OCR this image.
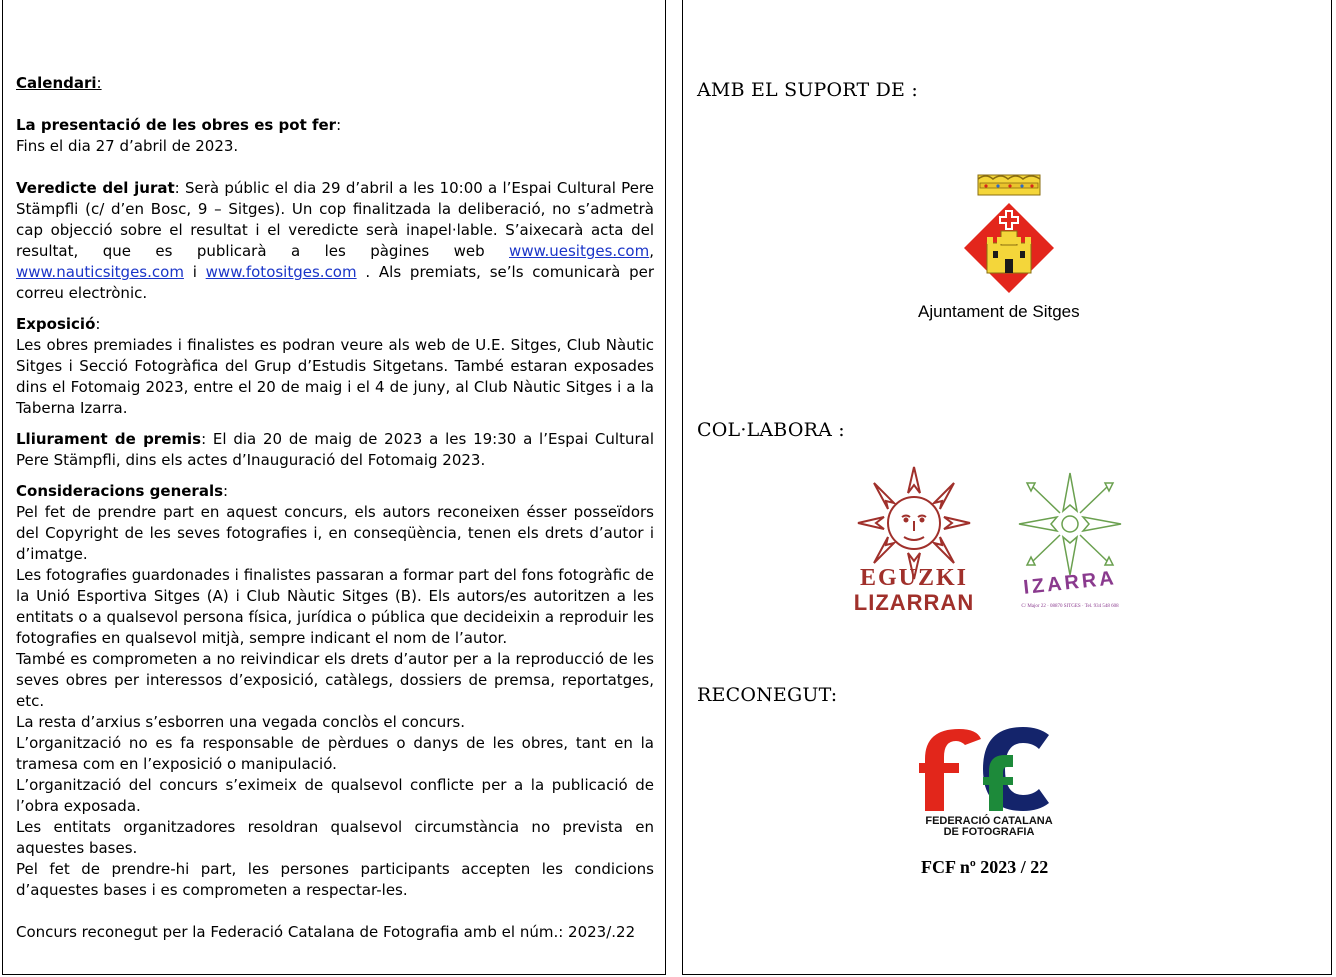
Calendari:

La presentació de les obres es pot fer:

Fins el dia 27 d’abril de 2023.

Veredicte del jurat: Serà públic el dia 29 d’abril a les 10:00 a l’Espai Cultural Pere Stämpfli (c/ d’en Bosc, 9 – Sitges). Un cop finalitzada la deliberació, no s’admetrà cap objecció sobre el resultat i el veredicte serà inapel·lable. S’aixecarà acta del resultat, que es publicarà a les pàgines web www.uesitges.com, www.nauticsitges.com i www.fotositges.com . Als premiats, se’ls comunicarà per correu electrònic.

Exposició:

Les obres premiades i finalistes es podran veure als web de U.E. Sitges, Club Nàutic Sitges i Secció Fotogràfica del Grup d’Estudis Sitgetans. També estaran exposades dins el Fotomaig 2023, entre el 20 de maig i el 4 de juny, al Club Nàutic Sitges i a la Taberna Izarra.

Lliurament de premis: El dia 20 de maig de 2023 a les 19:30 a l’Espai Cultural Pere Stämpfli, dins els actes d’Inauguració del Fotomaig 2023.

Consideracions generals:

Pel fet de prendre part en aquest concurs, els autors reconeixen ésser posseïdors del Copyright de les seves fotografies i, en conseqüència, tenen els drets d’autor i d’imatge.

Les fotografies guardonades i finalistes passaran a formar part del fons fotogràfic de la Unió Esportiva Sitges (A) i Club Nàutic Sitges (B). Els autors/es autoritzen a les entitats o a qualsevol persona física, jurídica o pública que decideixin a reproduir les fotografies en qualsevol mitjà, sempre indicant el nom de l’autor.

També es comprometen a no reivindicar els drets d’autor per a la reproducció de les seves obres per interessos d’exposició, catàlegs, dossiers de premsa, reportatges, etc.

La resta d’arxius s’esborren una vegada conclòs el concurs.

L’organització no es fa responsable de pèrdues o danys de les obres, tant en la tramesa com en l’exposició o manipulació.

L’organització del concurs s’eximeix de qualsevol conflicte per a la publicació de l’obra exposada.

Les entitats organitzadores resoldran qualsevol circumstància no prevista en aquestes bases.

Pel fet de prendre-hi part, les persones participants accepten les condicions d’aquestes bases i es comprometen a respectar-les.

Concurs reconegut per la Federació Catalana de Fotografia amb el núm.: 2023/.22

AMB EL SUPORT DE :
Ajuntament de Sitges
COL·LABORA :
EGUZKI
LIZARRAN
IZARRA
C/ Major 22 · 08870 SITGES · Tel. 934 548 608
RECONEGUT:
FEDERACIÓ CATALANA
DE FOTOGRAFIA
FCF nº 2023 / 22
